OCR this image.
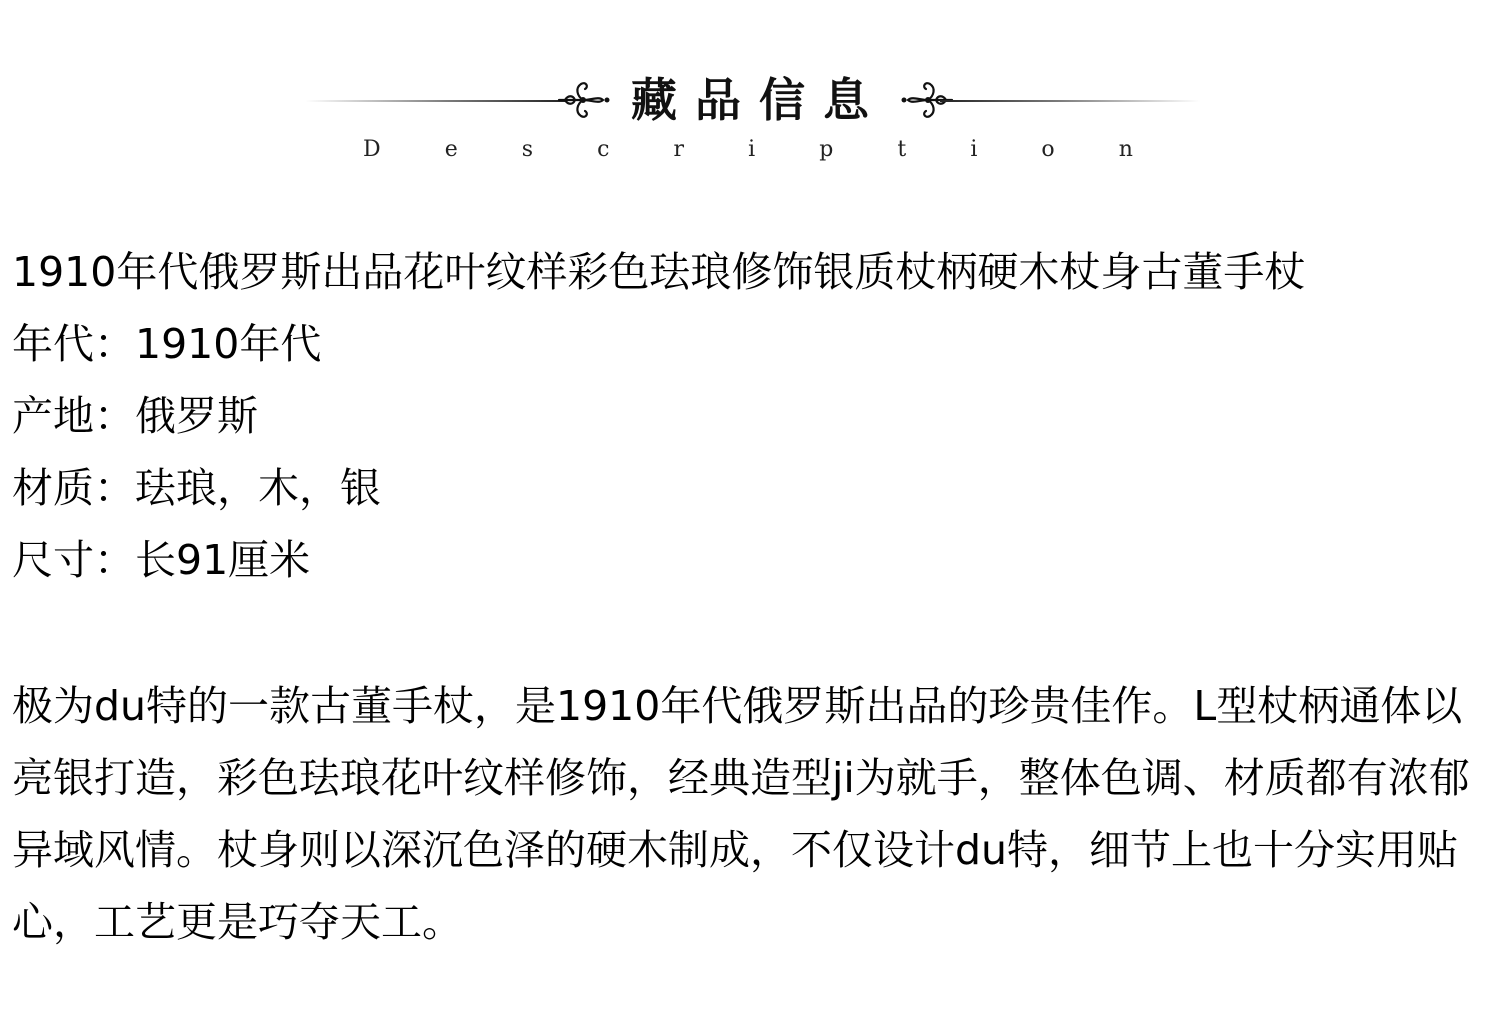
藏品信息
D	e	s	c	r	i	p	t	i	o	n

1910年代俄罗斯出品花叶纹样彩色珐琅修饰银质杖柄硬木杖身古董手杖

年代：1910年代

产地：俄罗斯

材质：珐琅，木，银

尺寸：长91厘米

极为du特的一款古董手杖，是1910年代俄罗斯出品的珍贵佳作。L型杖柄通体以亮银打造，彩色珐琅花叶纹样修饰，经典造型ji为就手，整体色调、材质都有浓郁异域风情。杖身则以深沉色泽的硬木制成，不仅设计du特，细节上也十分实用贴心，工艺更是巧夺天工。
